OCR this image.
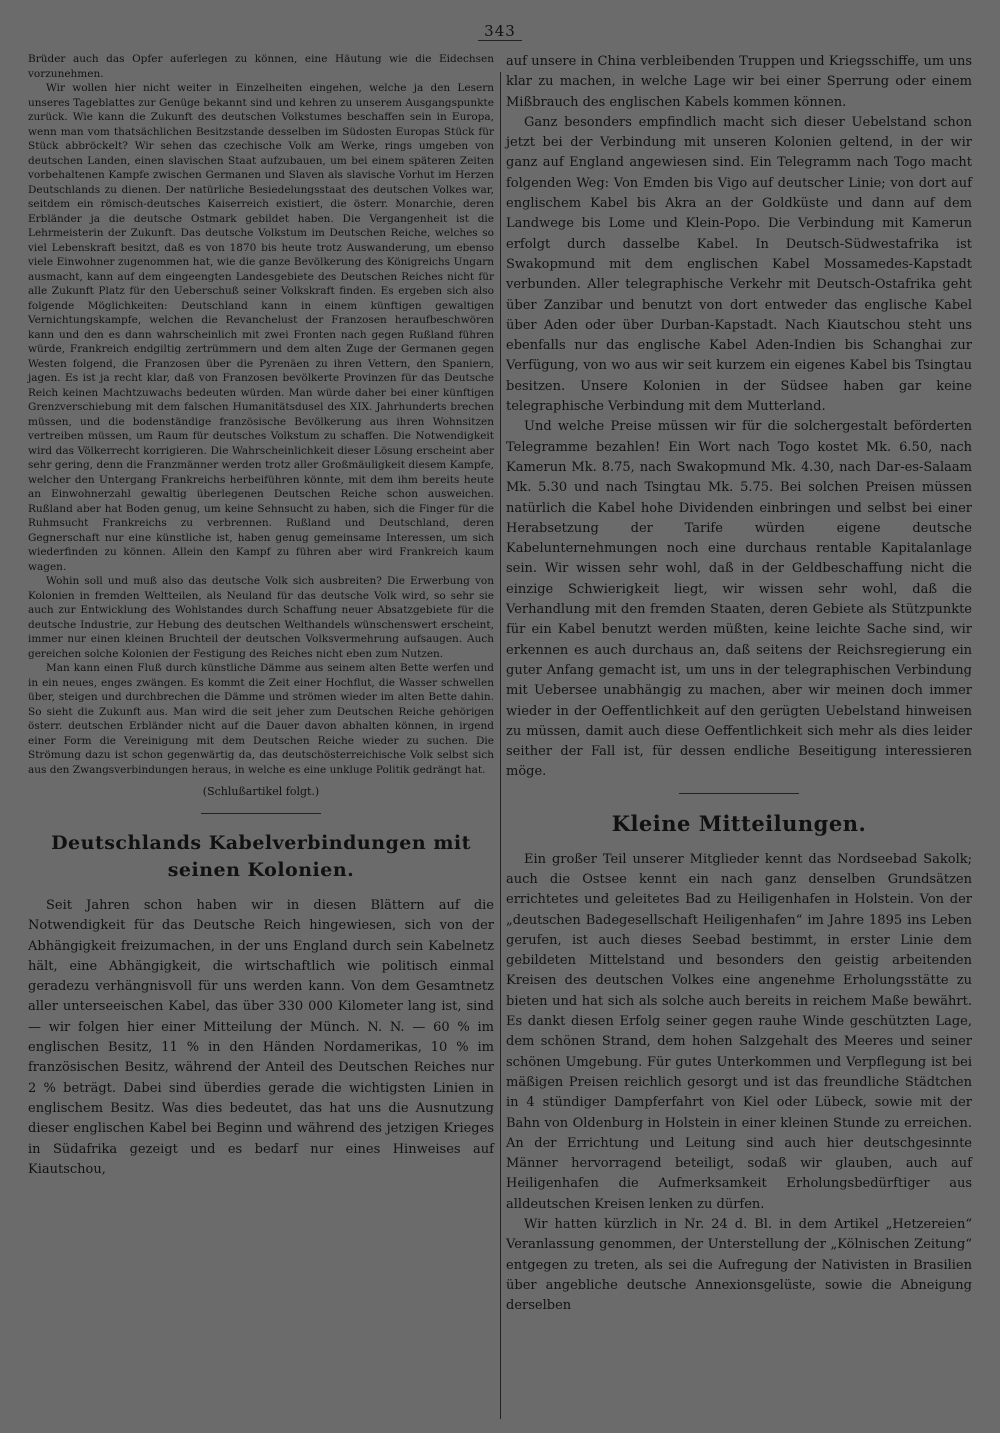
343

Brüder auch das Opfer auferlegen zu können, eine Häutung wie die Eidechsen vorzunehmen.

Wir wollen hier nicht weiter in Einzelheiten eingehen, welche ja den Lesern unseres Tageblattes zur Genüge bekannt sind und kehren zu unserem Ausgangspunkte zurück. Wie kann die Zukunft des deutschen Volkstumes beschaffen sein in Europa, wenn man vom thatsächlichen Besitzstande desselben im Südosten Europas Stück für Stück abbröckelt? Wir sehen das czechische Volk am Werke, rings umgeben von deutschen Landen, einen slavischen Staat aufzubauen, um bei einem späteren Zeiten vorbehaltenen Kampfe zwischen Germanen und Slaven als slavische Vorhut im Herzen Deutschlands zu dienen. Der natürliche Besiedelungsstaat des deutschen Volkes war, seitdem ein römisch-deutsches Kaiserreich existiert, die österr. Monarchie, deren Erbländer ja die deutsche Ostmark gebildet haben. Die Vergangenheit ist die Lehrmeisterin der Zukunft. Das deutsche Volkstum im Deutschen Reiche, welches so viel Lebenskraft besitzt, daß es von 1870 bis heute trotz Auswanderung, um ebenso viele Einwohner zugenommen hat, wie die ganze Bevölkerung des Königreichs Ungarn ausmacht, kann auf dem eingeengten Landesgebiete des Deutschen Reiches nicht für alle Zukunft Platz für den Ueberschuß seiner Volkskraft finden. Es ergeben sich also folgende Möglichkeiten: Deutschland kann in einem künftigen gewaltigen Vernichtungskampfe, welchen die Revanchelust der Franzosen heraufbeschwören kann und den es dann wahrscheinlich mit zwei Fronten nach gegen Rußland führen würde, Frankreich endgiltig zertrümmern und dem alten Zuge der Germanen gegen Westen folgend, die Franzosen über die Pyrenäen zu ihren Vettern, den Spaniern, jagen. Es ist ja recht klar, daß von Franzosen bevölkerte Provinzen für das Deutsche Reich keinen Machtzuwachs bedeuten würden. Man würde daher bei einer künftigen Grenzverschiebung mit dem falschen Humanitätsdusel des XIX. Jahrhunderts brechen müssen, und die bodenständige französische Bevölkerung aus ihren Wohnsitzen vertreiben müssen, um Raum für deutsches Volkstum zu schaffen. Die Notwendigkeit wird das Völkerrecht korrigieren. Die Wahrscheinlichkeit dieser Lösung erscheint aber sehr gering, denn die Franzmänner werden trotz aller Großmäuligkeit diesem Kampfe, welcher den Untergang Frankreichs herbeiführen könnte, mit dem ihm bereits heute an Einwohnerzahl gewaltig überlegenen Deutschen Reiche schon ausweichen. Rußland aber hat Boden genug, um keine Sehnsucht zu haben, sich die Finger für die Ruhmsucht Frankreichs zu verbrennen. Rußland und Deutschland, deren Gegnerschaft nur eine künstliche ist, haben genug gemeinsame Interessen, um sich wiederfinden zu können. Allein den Kampf zu führen aber wird Frankreich kaum wagen.

Wohin soll und muß also das deutsche Volk sich ausbreiten? Die Erwerbung von Kolonien in fremden Weltteilen, als Neuland für das deutsche Volk wird, so sehr sie auch zur Entwicklung des Wohlstandes durch Schaffung neuer Absatzgebiete für die deutsche Industrie, zur Hebung des deutschen Welthandels wünschenswert erscheint, immer nur einen kleinen Bruchteil der deutschen Volksvermehrung aufsaugen. Auch gereichen solche Kolonien der Festigung des Reiches nicht eben zum Nutzen.

Man kann einen Fluß durch künstliche Dämme aus seinem alten Bette werfen und in ein neues, enges zwängen. Es kommt die Zeit einer Hochflut, die Wasser schwellen über, steigen und durchbrechen die Dämme und strömen wieder im alten Bette dahin. So sieht die Zukunft aus. Man wird die seit jeher zum Deutschen Reiche gehörigen österr. deutschen Erbländer nicht auf die Dauer davon abhalten können, in irgend einer Form die Vereinigung mit dem Deutschen Reiche wieder zu suchen. Die Strömung dazu ist schon gegenwärtig da, das deutschösterreichische Volk selbst sich aus den Zwangsverbindungen heraus, in welche es eine unkluge Politik gedrängt hat.

(Schlußartikel folgt.)
Deutschlands Kabelverbindungen mit seinen Kolonien.

Seit Jahren schon haben wir in diesen Blättern auf die Notwendigkeit für das Deutsche Reich hingewiesen, sich von der Abhängigkeit freizumachen, in der uns England durch sein Kabelnetz hält, eine Abhängigkeit, die wirtschaftlich wie politisch einmal geradezu verhängnisvoll für uns werden kann. Von dem Gesamtnetz aller unterseeischen Kabel, das über 330 000 Kilometer lang ist, sind — wir folgen hier einer Mitteilung der Münch. N. N. — 60 % im englischen Besitz, 11 % in den Händen Nordamerikas, 10 % im französischen Besitz, während der Anteil des Deutschen Reiches nur 2 % beträgt. Dabei sind überdies gerade die wichtigsten Linien in englischem Besitz. Was dies bedeutet, das hat uns die Ausnutzung dieser englischen Kabel bei Beginn und während des jetzigen Krieges in Südafrika gezeigt und es bedarf nur eines Hinweises auf Kiautschou,

auf unsere in China verbleibenden Truppen und Kriegsschiffe, um uns klar zu machen, in welche Lage wir bei einer Sperrung oder einem Mißbrauch des englischen Kabels kommen können.

Ganz besonders empfindlich macht sich dieser Uebelstand schon jetzt bei der Verbindung mit unseren Kolonien geltend, in der wir ganz auf England angewiesen sind. Ein Telegramm nach Togo macht folgenden Weg: Von Emden bis Vigo auf deutscher Linie; von dort auf englischem Kabel bis Akra an der Goldküste und dann auf dem Landwege bis Lome und Klein-Popo. Die Verbindung mit Kamerun erfolgt durch dasselbe Kabel. In Deutsch-Südwestafrika ist Swakopmund mit dem englischen Kabel Mossamedes-Kapstadt verbunden. Aller telegraphische Verkehr mit Deutsch-Ostafrika geht über Zanzibar und benutzt von dort entweder das englische Kabel über Aden oder über Durban-Kapstadt. Nach Kiautschou steht uns ebenfalls nur das englische Kabel Aden-Indien bis Schanghai zur Verfügung, von wo aus wir seit kurzem ein eigenes Kabel bis Tsingtau besitzen. Unsere Kolonien in der Südsee haben gar keine telegraphische Verbindung mit dem Mutterland.

Und welche Preise müssen wir für die solchergestalt beförderten Telegramme bezahlen! Ein Wort nach Togo kostet Mk. 6.50, nach Kamerun Mk. 8.75, nach Swakopmund Mk. 4.30, nach Dar-es-Salaam Mk. 5.30 und nach Tsingtau Mk. 5.75. Bei solchen Preisen müssen natürlich die Kabel hohe Dividenden einbringen und selbst bei einer Herabsetzung der Tarife würden eigene deutsche Kabelunternehmungen noch eine durchaus rentable Kapitalanlage sein. Wir wissen sehr wohl, daß in der Geldbeschaffung nicht die einzige Schwierigkeit liegt, wir wissen sehr wohl, daß die Verhandlung mit den fremden Staaten, deren Gebiete als Stützpunkte für ein Kabel benutzt werden müßten, keine leichte Sache sind, wir erkennen es auch durchaus an, daß seitens der Reichsregierung ein guter Anfang gemacht ist, um uns in der telegraphischen Verbindung mit Ueberseе unabhängig zu machen, aber wir meinen doch immer wieder in der Oeffentlichkeit auf den gerügten Uebelstand hinweisen zu müssen, damit auch diese Oeffentlichkeit sich mehr als dies leider seither der Fall ist, für dessen endliche Beseitigung interessieren möge.

Kleine Mitteilungen.

Ein großer Teil unserer Mitglieder kennt das Nordseebad Sakolk; auch die Ostsee kennt ein nach ganz denselben Grundsätzen errichtetes und geleitetes Bad zu Heiligenhafen in Holstein. Von der „deutschen Badegesellschaft Heiligenhafen“ im Jahre 1895 ins Leben gerufen, ist auch dieses Seebad bestimmt, in erster Linie dem gebildeten Mittelstand und besonders den geistig arbeitenden Kreisen des deutschen Volkes eine angenehme Erholungsstätte zu bieten und hat sich als solche auch bereits in reichem Maße bewährt. Es dankt diesen Erfolg seiner gegen rauhe Winde geschützten Lage, dem schönen Strand, dem hohen Salzgehalt des Meeres und seiner schönen Umgebung. Für gutes Unterkommen und Verpflegung ist bei mäßigen Preisen reichlich gesorgt und ist das freundliche Städtchen in 4 stündiger Dampferfahrt von Kiel oder Lübeck, sowie mit der Bahn von Oldenburg in Holstein in einer kleinen Stunde zu erreichen. An der Errichtung und Leitung sind auch hier deutschgesinnte Männer hervorragend beteiligt, sodaß wir glauben, auch auf Heiligenhafen die Aufmerksamkeit Erholungsbedürftiger aus alldeutschen Kreisen lenken zu dürfen.

Wir hatten kürzlich in Nr. 24 d. Bl. in dem Artikel „Hetzereien“ Veranlassung genommen, der Unterstellung der „Kölnischen Zeitung“ entgegen zu treten, als sei die Aufregung der Nativisten in Brasilien über angebliche deutsche Annexionsgelüste, sowie die Abneigung derselben
